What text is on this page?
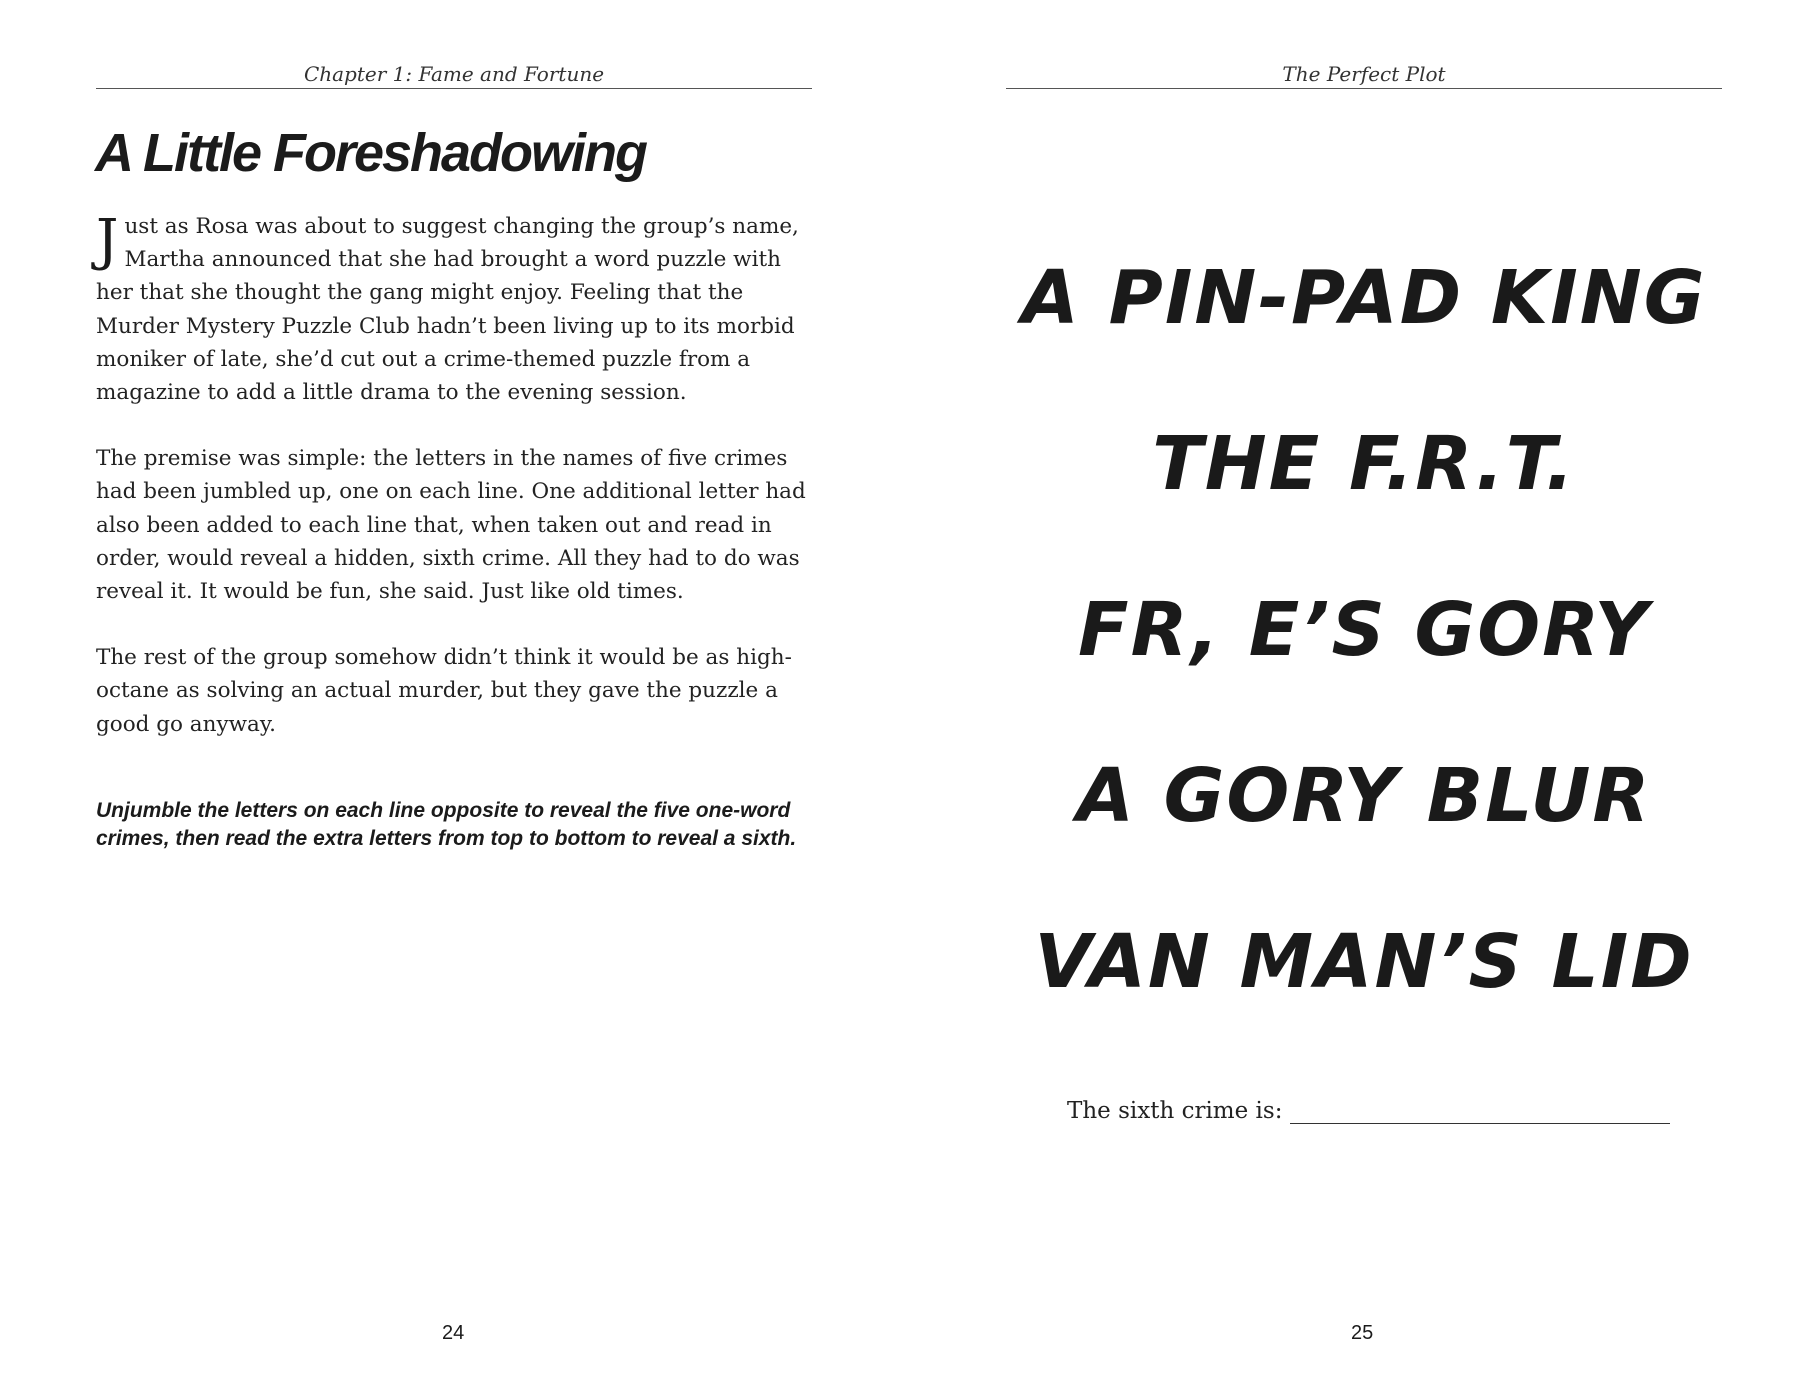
Chapter 1: Fame and Fortune
A Little Foreshadowing

Just as Rosa was about to suggest changing the group’s name, Martha announced that she had brought a word puzzle with her that she thought the gang might enjoy. Feeling that the Murder Mystery Puzzle Club hadn’t been living up to its morbid moniker of late, she’d cut out a crime-themed puzzle from a magazine to add a little drama to the evening session.

The premise was simple: the letters in the names of five crimes had been jumbled up, one on each line. One additional letter had also been added to each line that, when taken out and read in order, would reveal a hidden, sixth crime. All they had to do was reveal it. It would be fun, she said. Just like old times.

The rest of the group somehow didn’t think it would be as high-octane as solving an actual murder, but they gave the puzzle a good go anyway.

Unjumble the letters on each line opposite to reveal the five one-word crimes, then read the extra letters from top to bottom to reveal a sixth.
24
The Perfect Plot
A PIN-PAD KING
THE F.R.T.
FR, E’S GORY
A GORY BLUR
VAN MAN’S LID
The sixth crime is:
25
